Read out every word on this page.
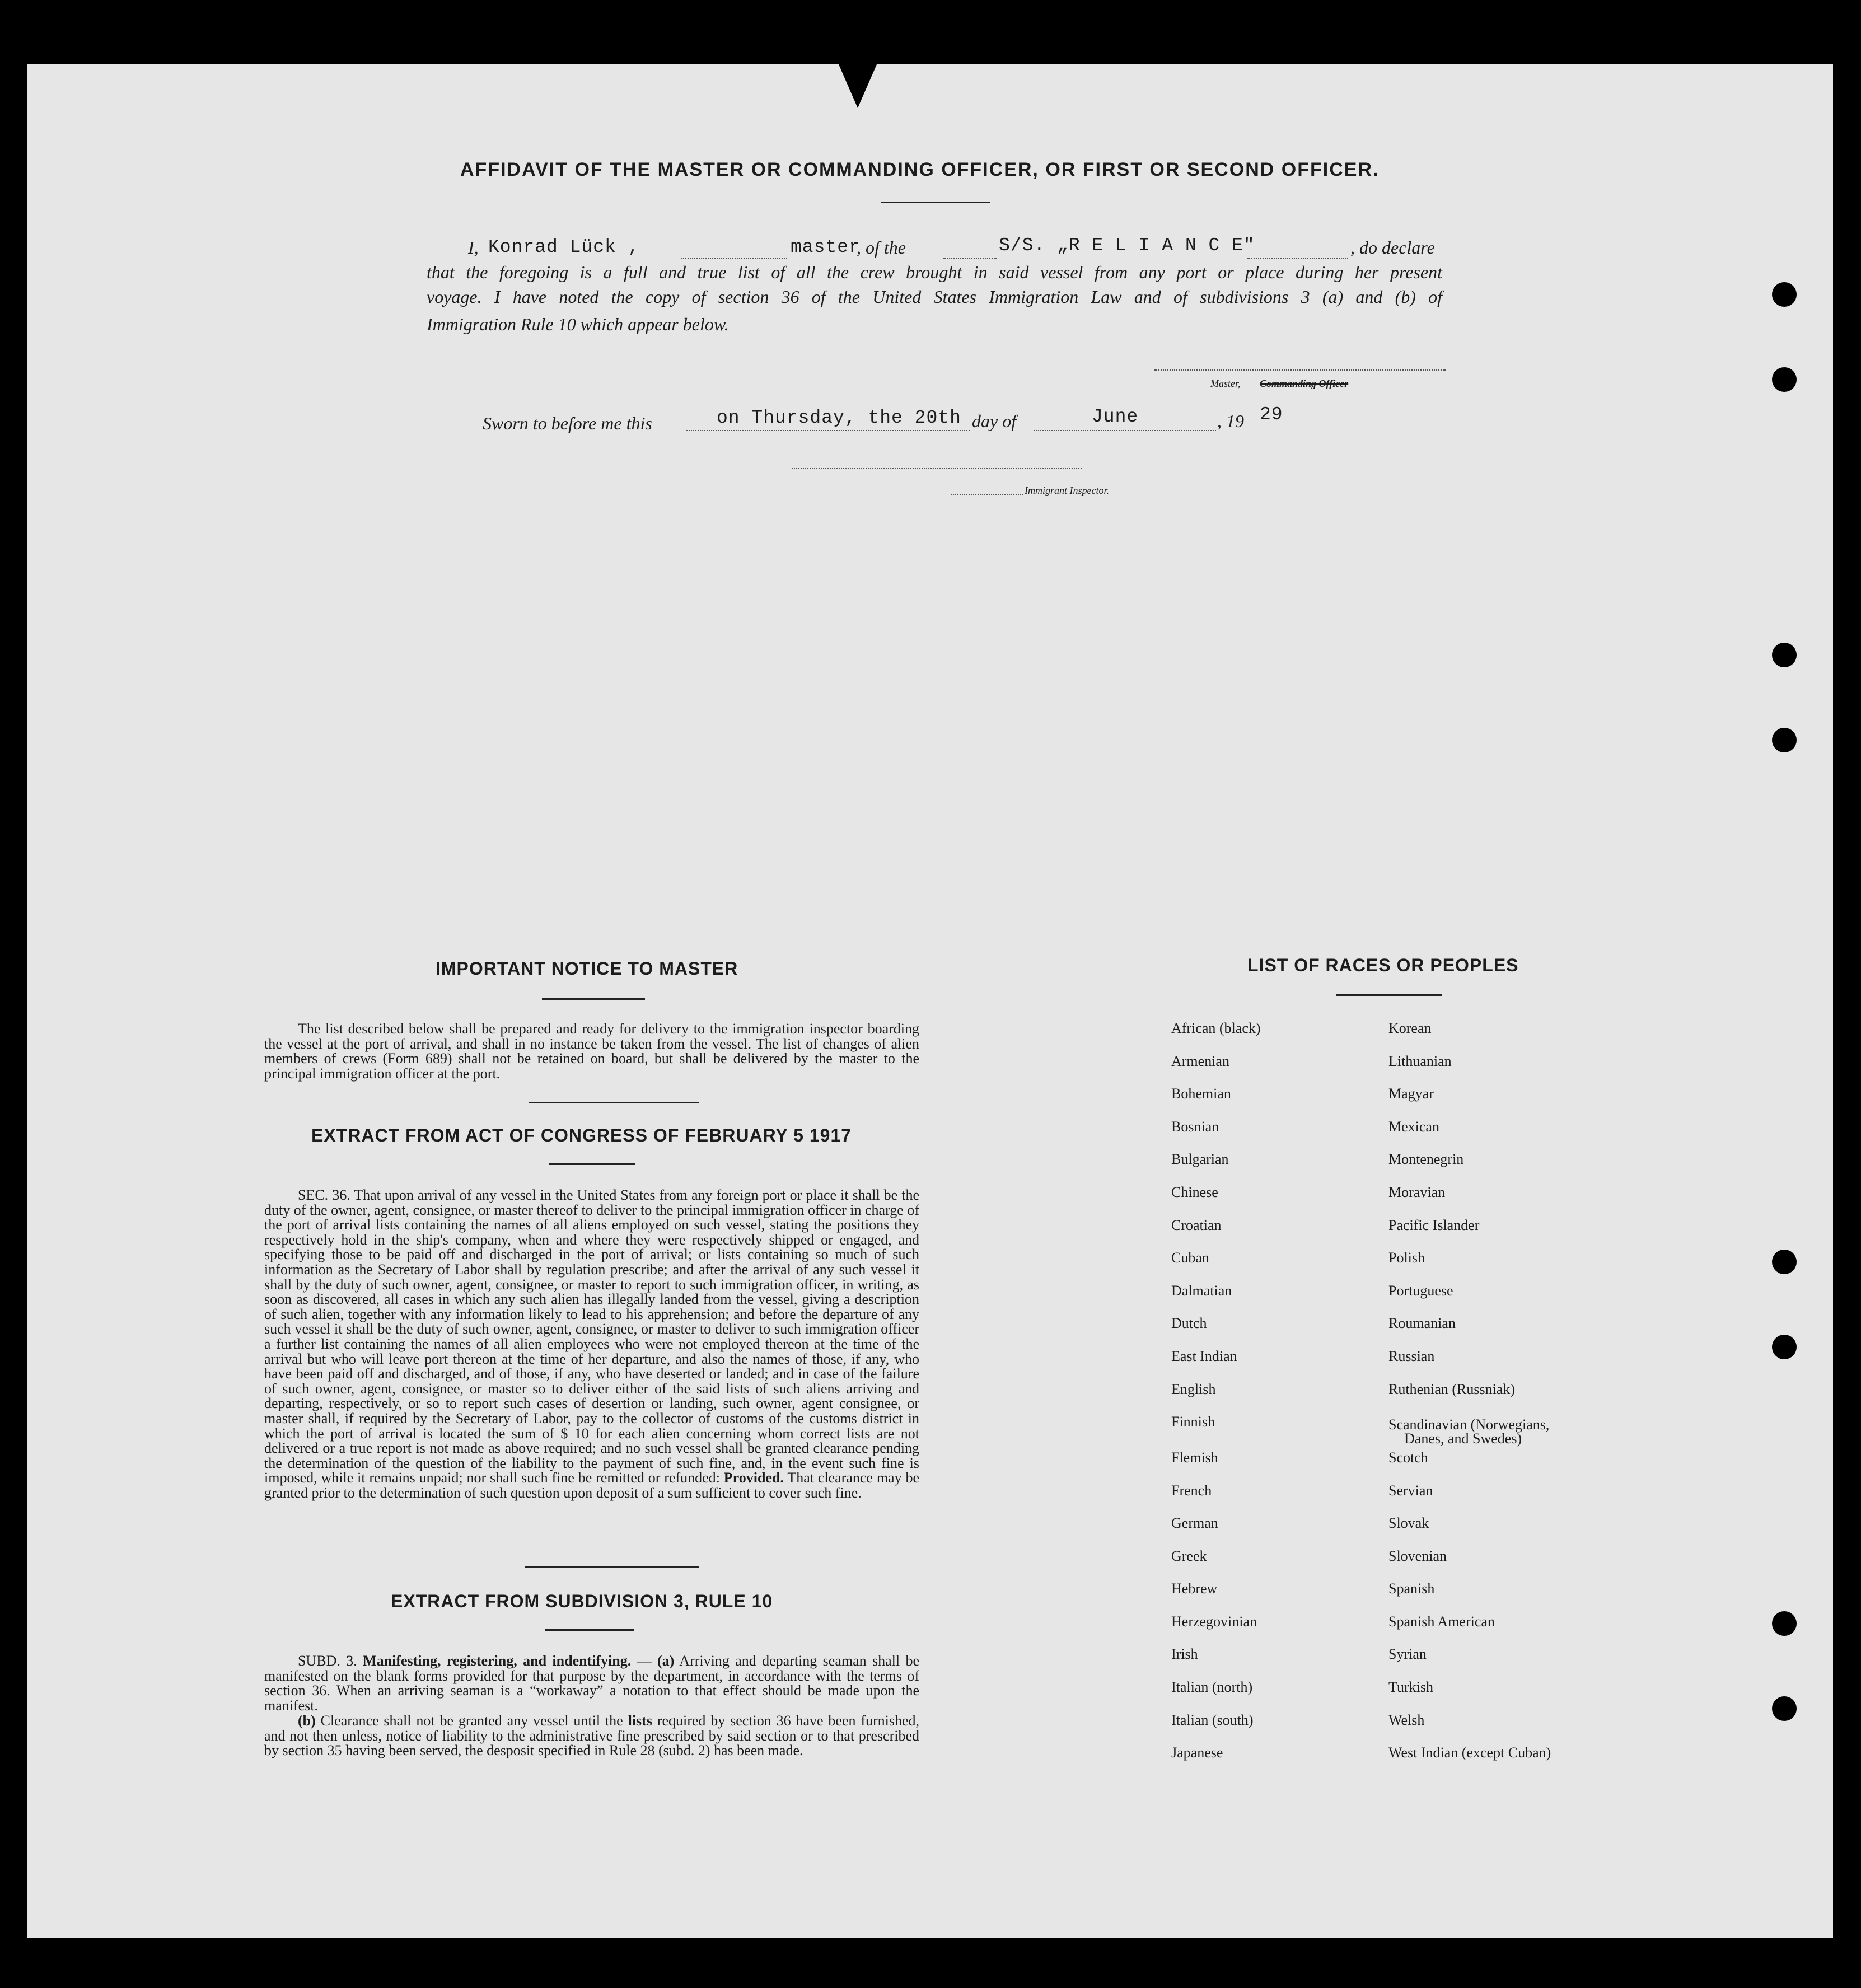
AFFIDAVIT OF THE MASTER OR COMMANDING OFFICER, OR FIRST OR SECOND OFFICER.
I, Konrad Lück ,	master
, of the	S/S. „R E L I A N C E"	, do declare
that the foregoing is a full and true list of all the crew brought in said vessel from any port or place during her present
voyage. I have noted the copy of section 36 of the United States Immigration Law and of subdivisions 3 (a) and (b) of
Immigration Rule 10 which appear below.
Master, Commanding Officer
Sworn to before me this	on Thursday, the 20th day of	June	, 19 29
Immigrant Inspector.
IMPORTANT NOTICE TO MASTER
The list described below shall be prepared and ready for delivery to the immigration inspector boarding the vessel at the port of arrival, and shall in no instance be taken from the vessel. The list of changes of alien members of crews (Form 689) shall not be retained on board, but shall be delivered by the master to the principal immigration officer at the port.
EXTRACT FROM ACT OF CONGRESS OF FEBRUARY 5 1917
SEC. 36. That upon arrival of any vessel in the United States from any foreign port or place it shall be the duty of the owner, agent, consignee, or master thereof to deliver to the principal immigration officer in charge of the port of arrival lists containing the names of all aliens employed on such vessel, stating the positions they respectively hold in the ship's company, when and where they were respectively shipped or engaged, and specifying those to be paid off and discharged in the port of arrival; or lists containing so much of such information as the Secretary of Labor shall by regulation prescribe; and after the arrival of any such vessel it shall by the duty of such owner, agent, consignee, or master to report to such immigration officer, in writing, as soon as discovered, all cases in which any such alien has illegally landed from the vessel, giving a description of such alien, together with any information likely to lead to his apprehension; and before the departure of any such vessel it shall be the duty of such owner, agent, consignee, or master to deliver to such immigration officer a further list containing the names of all alien employees who were not employed thereon at the time of the arrival but who will leave port thereon at the time of her departure, and also the names of those, if any, who have been paid off and discharged, and of those, if any, who have deserted or landed; and in case of the failure of such owner, agent, consignee, or master so to deliver either of the said lists of such aliens arriving and departing, respectively, or so to report such cases of desertion or landing, such owner, agent consignee, or master shall, if required by the Secretary of Labor, pay to the collector of customs of the customs district in which the port of arrival is located the sum of $ 10 for each alien concerning whom correct lists are not delivered or a true report is not made as above required; and no such vessel shall be granted clearance pending the determination of the question of the liability to the payment of such fine, and, in the event such fine is imposed, while it remains unpaid; nor shall such fine be remitted or refunded: Provided. That clearance may be granted prior to the determination of such question upon deposit of a sum sufficient to cover such fine.
EXTRACT FROM SUBDIVISION 3, RULE 10
SUBD. 3. Manifesting, registering, and indentifying. — (a) Arriving and departing seaman shall be manifested on the blank forms provided for that purpose by the department, in accordance with the terms of section 36. When an arriving seaman is a “workaway” a notation to that effect should be made upon the manifest.
(b) Clearance shall not be granted any vessel until the lists required by section 36 have been furnished, and not then unless, notice of liability to the administrative fine prescribed by said section or to that prescribed by section 35 having been served, the desposit specified in Rule 28 (subd. 2) has been made.
LIST OF RACES OR PEOPLES
African (black)
Armenian
Bohemian
Bosnian
Bulgarian
Chinese
Croatian
Cuban
Dalmatian
Dutch
East Indian
English
Finnish
Flemish
French
German
Greek
Hebrew
Herzegovinian
Irish
Italian (north)
Italian (south)
Japanese
Korean
Lithuanian
Magyar
Mexican
Montenegrin
Moravian
Pacific Islander
Polish
Portuguese
Roumanian
Russian
Ruthenian (Russniak)
Scandinavian (Norwegians,
Danes, and Swedes)
Scotch
Servian
Slovak
Slovenian
Spanish
Spanish American
Syrian
Turkish
Welsh
West Indian (except Cuban)
